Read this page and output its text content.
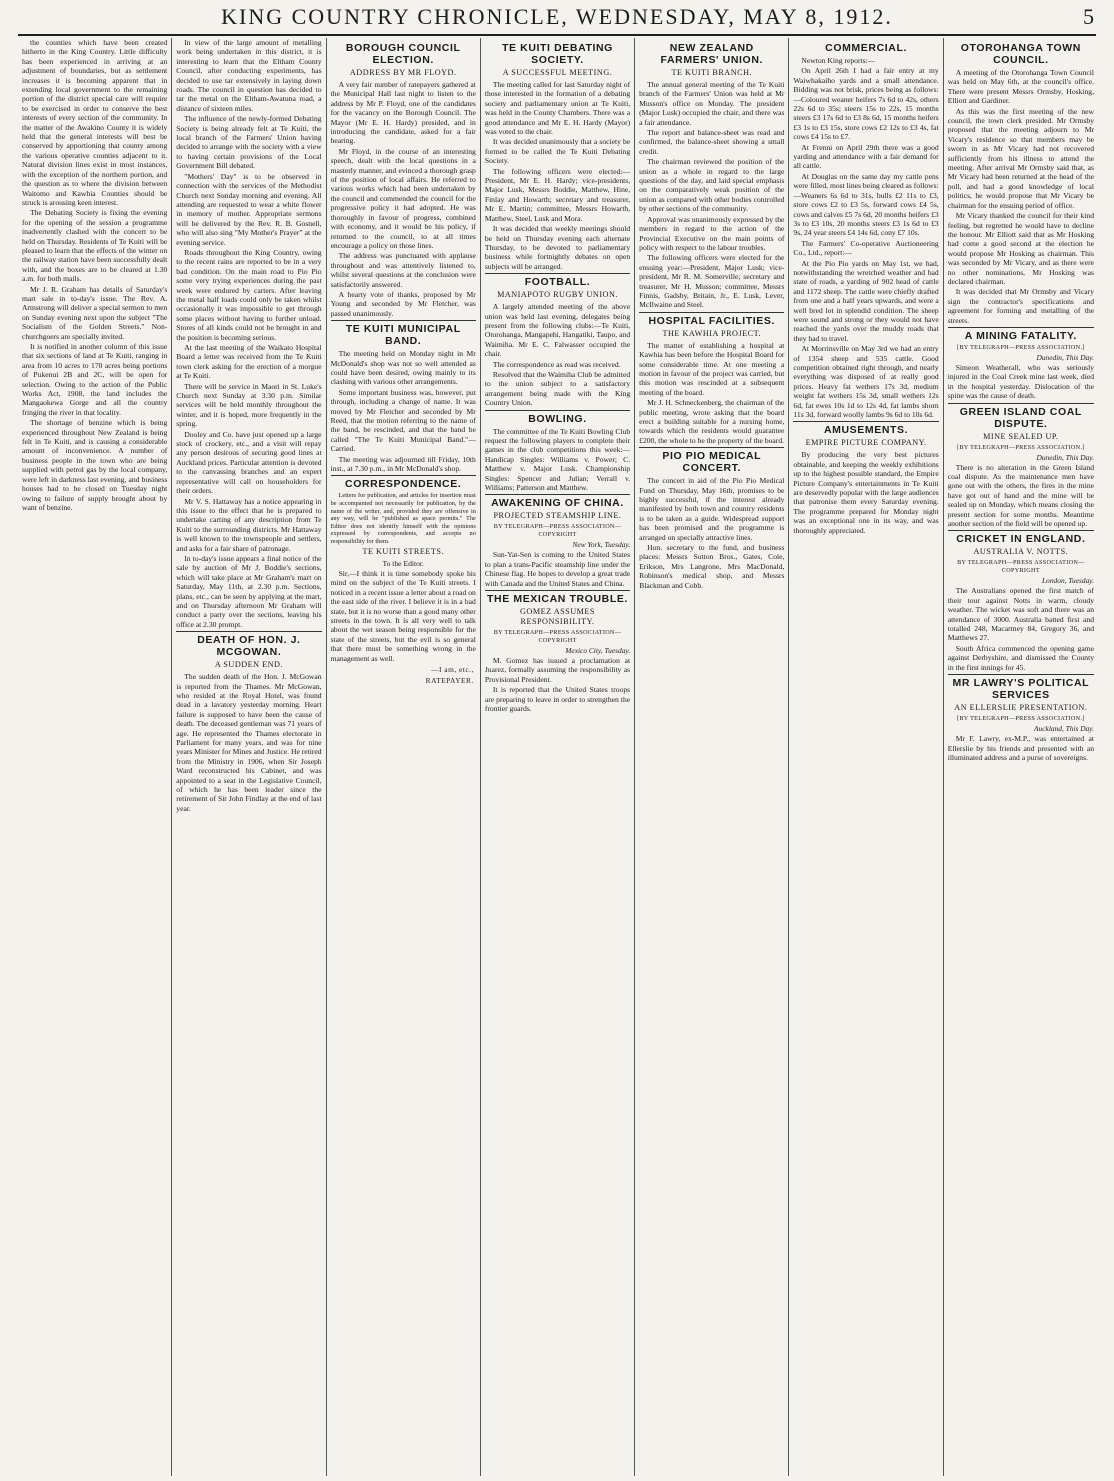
KING COUNTRY CHRONICLE, WEDNESDAY, MAY 8, 1912.	5

the counties which have been created hitherto in the King Country. Little difficulty has been experienced in arriving at an adjustment of boundaries, but as settlement increases it is becoming apparent that in extending local government to the remaining portion of the district special care will require to be exercised in order to conserve the best interests of every section of the community. In the matter of the Awakino County it is widely held that the general interests will best be conserved by apportioning that county among the various operative counties adjacent to it. Natural division lines exist in most instances, with the exception of the northern portion, and the question as to where the division between Waitomo and Kawhia Counties should be struck is arousing keen interest.

The Debating Society is fixing the evening for the opening of the session a programme inadvertently clashed with the concert to be held on Thursday. Residents of Te Kuiti will be pleased to learn that the effects of the winter on the railway station have been successfully dealt with, and the boxes are to be cleared at 1.30 a.m. for both mails.

Mr J. R. Graham has details of Saturday's mart sale in to-day's issue. The Rev. A. Armstrong will deliver a special sermon to men on Sunday evening next upon the subject "The Socialism of the Golden Streets." Non-churchgoers are specially invited.

It is notified in another column of this issue that six sections of land at Te Kuiti, ranging in area from 10 acres to 170 acres being portions of Pukenui 2B and 2C, will be open for selection. Owing to the action of the Public Works Act, 1908, the land includes the Mangaokewa Gorge and all the country fringing the river in that locality.

The shortage of benzine which is being experienced throughout New Zealand is being felt in Te Kuiti, and is causing a considerable amount of inconvenience. A number of business people in the town who are being supplied with petrol gas by the local company, were left in darkness last evening, and business houses had to be closed on Tuesday night owing to failure of supply brought about by want of benzine.

In view of the large amount of metalling work being undertaken in this district, it is interesting to learn that the Eltham County Council, after conducting experiments, has decided to use tar extensively in laying down roads. The council in question has decided to tar the metal on the Eltham-Awatuna road, a distance of sixteen miles.

The influence of the newly-formed Debating Society is being already felt at Te Kuiti, the local branch of the Farmers' Union having decided to arrange with the society with a view to having certain provisions of the Local Government Bill debated.

"Mothers' Day" is to be observed in connection with the services of the Methodist Church next Sunday morning and evening. All attending are requested to wear a white flower in memory of mother. Appropriate sermons will be delivered by the Rev. R. B. Gosnell, who will also sing "My Mother's Prayer" at the evening service.

Roads throughout the King Country, owing to the recent rains are reported to be in a very bad condition. On the main road to Pio Pio some very trying experiences during the past week were endured by carters. After leaving the metal half loads could only be taken whilst occasionally it was impossible to get through some places without having to further unload. Stores of all kinds could not be brought in and the position is becoming serious.

At the last meeting of the Waikato Hospital Board a letter was received from the Te Kuiti town clerk asking for the erection of a morgue at Te Kuiti.

There will be service in Maori in St. Luke's Church next Sunday at 3.30 p.m. Similar services will be held monthly throughout the winter, and it is hoped, more frequently in the spring.

Dooley and Co. have just opened up a large stock of crockery, etc., and a visit will repay any person desirous of securing good lines at Auckland prices. Particular attention is devoted to the canvassing branches and an expert representative will call on householders for their orders.

Mr V. S. Hattaway has a notice appearing in this issue to the effect that he is prepared to undertake carting of any description from Te Kuiti to the surrounding districts. Mr Hattaway is well known to the townspeople and settlers, and asks for a fair share of patronage.

In to-day's issue appears a final notice of the sale by auction of Mr J. Boddie's sections, which will take place at Mr Graham's mart on Saturday, May 11th, at 2.30 p.m. Sections, plans, etc., can be seen by applying at the mart, and on Thursday afternoon Mr Graham will conduct a party over the sections, leaving his office at 2.30 prompt.

DEATH OF HON. J. MCGOWAN.
A SUDDEN END.

The sudden death of the Hon. J. McGowan is reported from the Thames. Mr McGowan, who resided at the Royal Hotel, was found dead in a lavatory yesterday morning. Heart failure is supposed to have been the cause of death. The deceased gentleman was 71 years of age. He represented the Thames electorate in Parliament for many years, and was for nine years Minister for Mines and Justice. He retired from the Ministry in 1906, when Sir Joseph Ward reconstructed his Cabinet, and was appointed to a seat in the Legislative Council, of which he has been leader since the retirement of Sir John Findlay at the end of last year.

BOROUGH COUNCIL ELECTION.
ADDRESS BY MR FLOYD.

A very fair number of ratepayers gathered at the Municipal Hall last night to listen to the address by Mr P. Floyd, one of the candidates for the vacancy on the Borough Council. The Mayor (Mr E. H. Hardy) presided, and in introducing the candidate, asked for a fair hearing.

Mr Floyd, in the course of an interesting speech, dealt with the local questions in a masterly manner, and evinced a thorough grasp of the position of local affairs. He referred to various works which had been undertaken by the council and commended the council for the progressive policy it had adopted. He was thoroughly in favour of progress, combined with economy, and it would be his policy, if returned to the council, to at all times encourage a policy on those lines.

The address was punctuated with applause throughout and was attentively listened to, whilst several questions at the conclusion were satisfactorily answered.

A hearty vote of thanks, proposed by Mr Young and seconded by Mr Fletcher, was passed unanimously.

TE KUITI MUNICIPAL BAND.

The meeting held on Monday night in Mr McDonald's shop was not so well attended as could have been desired, owing mainly to its clashing with various other arrangements.

Some important business was, however, put through, including a change of name. It was moved by Mr Fletcher and seconded by Mr Reed, that the motion referring to the name of the band, be rescinded, and that the band be called "The Te Kuiti Municipal Band."—Carried.

The meeting was adjourned till Friday, 10th inst., at 7.30 p.m., in Mr McDonald's shop.

CORRESPONDENCE.

Letters for publication, and articles for insertion must be accompanied not necessarily for publication, by the name of the writer, and, provided they are offensive in any way, will be "published as space permits." The Editor does not identify himself with the opinions expressed by correspondents, and accepts no responsibility for them.

TE KUITI STREETS.

To the Editor.

Sir,—I think it is time somebody spoke his mind on the subject of the Te Kuiti streets. I noticed in a recent issue a letter about a road on the east side of the river. I believe it is in a bad state, but it is no worse than a good many other streets in the town. It is all very well to talk about the wet season being responsible for the state of the streets, but the evil is so general that there must be something wrong in the management as well.

—I am, etc.,
RATEPAYER.
TE KUITI DEBATING SOCIETY.
A SUCCESSFUL MEETING.

The meeting called for last Saturday night of those interested in the formation of a debating society and parliamentary union at Te Kuiti, was held in the County Chambers. There was a good attendance and Mr E. H. Hardy (Mayor) was voted to the chair.

It was decided unanimously that a society be formed to be called the Te Kuiti Debating Society.

The following officers were elected:—President, Mr E. H. Hardy; vice-presidents, Major Lusk, Messrs Boddie, Matthew, Hine, Finlay and Howarth; secretary and treasurer, Mr E. Martin; committee, Messrs Howarth, Matthew, Steel, Lusk and Mora.

It was decided that weekly meetings should be held on Thursday evening each alternate Thursday, to be devoted to parliamentary business while fortnightly debates on open subjects will be arranged.

FOOTBALL.
MANIAPOTO RUGBY UNION.

A largely attended meeting of the above union was held last evening, delegates being present from the following clubs:—Te Kuiti, Otorohanga, Mangapehi, Hangatiki, Taupo, and Waimiha. Mr E. C. Falwasser occupied the chair.

The correspondence as read was received.

Resolved that the Waimiha Club be admitted to the union subject to a satisfactory arrangement being made with the King Country Union.

BOWLING.

The committee of the Te Kuiti Bowling Club request the following players to complete their games in the club competitions this week:—Handicap Singles: Williams v. Power; C. Matthew v. Major Lusk. Championship Singles: Spencer and Julian; Verrall v. Williams; Patterson and Matthew.

AWAKENING OF CHINA.
PROJECTED STEAMSHIP LINE.
BY TELEGRAPH—PRESS ASSOCIATION—COPYRIGHT
New York, Tuesday.

Sun-Yat-Sen is coming to the United States to plan a trans-Pacific steamship line under the Chinese flag. He hopes to develop a great trade with Canada and the United States and China.

THE MEXICAN TROUBLE.
GOMEZ ASSUMES RESPONSIBILITY.
BY TELEGRAPH—PRESS ASSOCIATION—COPYRIGHT
Mexico City, Tuesday.

M. Gomez has issued a proclamation at Juarez, formally assuming the responsibility as Provisional President.

It is reported that the United States troops are preparing to leave in order to strengthen the frontier guards.

NEW ZEALAND FARMERS' UNION.
TE KUITI BRANCH.

The annual general meeting of the Te Kuiti branch of the Farmers' Union was held at Mr Musson's office on Monday. The president (Major Lusk) occupied the chair, and there was a fair attendance.

The report and balance-sheet was read and confirmed, the balance-sheet showing a small credit.

The chairman reviewed the position of the union as a whole in regard to the large questions of the day, and laid special emphasis on the comparatively weak position of the union as compared with other bodies controlled by other sections of the community.

Approval was unanimously expressed by the members in regard to the action of the Provincial Executive on the main points of policy with respect to the labour troubles.

The following officers were elected for the ensuing year:—President, Major Lusk; vice-president, Mr R. M. Somerville; secretary and treasurer, Mr H. Musson; committee, Messrs Finnis, Gadsby, Britain, Jr., E. Lusk, Lever, McIlwaine and Steel.

HOSPITAL FACILITIES.
THE KAWHIA PROJECT.

The matter of establishing a hospital at Kawhia has been before the Hospital Board for some considerable time. At one meeting a motion in favour of the project was carried, but this motion was rescinded at a subsequent meeting of the board.

Mr J. H. Schneckenberg, the chairman of the public meeting, wrote asking that the board erect a building suitable for a nursing home, towards which the residents would guarantee £200, the whole to be the property of the board.

PIO PIO MEDICAL CONCERT.

The concert in aid of the Pio Pio Medical Fund on Thursday, May 16th, promises to be highly successful, if the interest already manifested by both town and country residents is to be taken as a guide. Widespread support has been promised and the programme is arranged on specially attractive lines.

Hon. secretary to the fund, and business places: Messrs Sutton Bros., Gates, Cole, Erikson, Mrs Langrone, Mrs MacDonald, Robinson's medical shop, and Messrs Blackman and Cobb.

COMMERCIAL.

Newton King reports:—

On April 26th I had a fair entry at my Waiwhakaiho yards and a small attendance. Bidding was not brisk, prices being as follows:—Coloured weaner heifers 7s 6d to 42s, others 22s 6d to 35s; steers 15s to 22s, 15 months steers £3 17s 6d to £3 8s 6d, 15 months heifers £3 1s to £3 15s, store cows £2 12s to £3 4s, fat cows £4 15s to £7.

At Frenni on April 29th there was a good yarding and attendance with a fair demand for all cattle.

At Douglas on the same day my cattle pens were filled, most lines being cleared as follows:—Weaners 6s 6d to 31s, bulls £2 11s to £3, store cows £2 to £3 5s, forward cows £4 5s, cows and calves £5 7s 6d, 20 months heifers £3 3s to £3 10s, 20 months steers £3 1s 6d to £3 9s, 24 year steers £4 14s 6d, cony £7 10s.

The Farmers' Co-operative Auctioneering Co., Ltd., report:—

At the Pio Pio yards on May 1st, we had, notwithstanding the wretched weather and bad state of roads, a yarding of 902 head of cattle and 1172 sheep. The cattle were chiefly drafted from one and a half years upwards, and were a well bred lot in splendid condition. The sheep were sound and strong or they would not have reached the yards over the muddy roads that they had to travel.

At Morrinsville on May 3rd we had an entry of 1354 sheep and 535 cattle. Good competition obtained right through, and nearly everything was disposed of at really good prices. Heavy fat wethers 17s 3d, medium weight fat wethers 15s 3d, small wethers 12s 6d, fat ewes 10s 1d to 12s 4d, fat lambs shorn 11s 3d, forward woolly lambs 9s 6d to 10s 6d.

AMUSEMENTS.
EMPIRE PICTURE COMPANY.

By producing the very best pictures obtainable, and keeping the weekly exhibitions up to the highest possible standard, the Empire Picture Company's entertainments in Te Kuiti are deservedly popular with the large audiences that patronise them every Saturday evening. The programme prepared for Monday night was an exceptional one in its way, and was thoroughly appreciated.

OTOROHANGA TOWN COUNCIL.

A meeting of the Otorohanga Town Council was held on May 6th, at the council's office. There were present Messrs Ormsby, Hosking, Elliott and Gardiner.

As this was the first meeting of the new council, the town clerk presided. Mr Ormsby proposed that the meeting adjourn to Mr Vicary's residence so that members may be sworn in as Mr Vicary had not recovered sufficiently from his illness to attend the meeting. After arrival Mr Ormsby said that, as Mr Vicary had been returned at the head of the poll, and had a good knowledge of local politics, he would propose that Mr Vicary be chairman for the ensuing period of office.

Mr Vicary thanked the council for their kind feeling, but regretted he would have to decline the honour. Mr Elliott said that as Mr Hosking had come a good second at the election he would propose Mr Hosking as chairman. This was seconded by Mr Vicary, and as there were no other nominations, Mr Hosking was declared chairman.

It was decided that Mr Ormsby and Vicary sign the contractor's specifications and agreement for forming and metalling of the streets.

A MINING FATALITY.
[BY TELEGRAPH—PRESS ASSOCIATION.]
Dunedin, This Day.

Simeon Weatherall, who was seriously injured in the Coal Creek mine last week, died in the hospital yesterday. Dislocation of the spine was the cause of death.

GREEN ISLAND COAL DISPUTE.
MINE SEALED UP.
[BY TELEGRAPH—PRESS ASSOCIATION.]
Dunedin, This Day.

There is no alteration in the Green Island coal dispute. As the maintenance men have gone out with the others, the fires in the mine have got out of hand and the mine will be sealed up on Monday, which means closing the present section for some months. Meantime another section of the field will be opened up.

CRICKET IN ENGLAND.
AUSTRALIA V. NOTTS.
BY TELEGRAPH—PRESS ASSOCIATION—COPYRIGHT
London, Tuesday.

The Australians opened the first match of their tour against Notts in warm, cloudy weather. The wicket was soft and there was an attendance of 3000. Australia batted first and totalled 248, Macartney 84, Gregory 36, and Matthews 27.

South Africa commenced the opening game against Derbyshire, and dismissed the County in the first innings for 45.

MR LAWRY'S POLITICAL SERVICES
AN ELLERSLIE PRESENTATION.
[BY TELEGRAPH—PRESS ASSOCIATION.]
Auckland, This Day.

Mr F. Lawry, ex-M.P., was entertained at Ellerslie by his friends and presented with an illuminated address and a purse of sovereigns.
